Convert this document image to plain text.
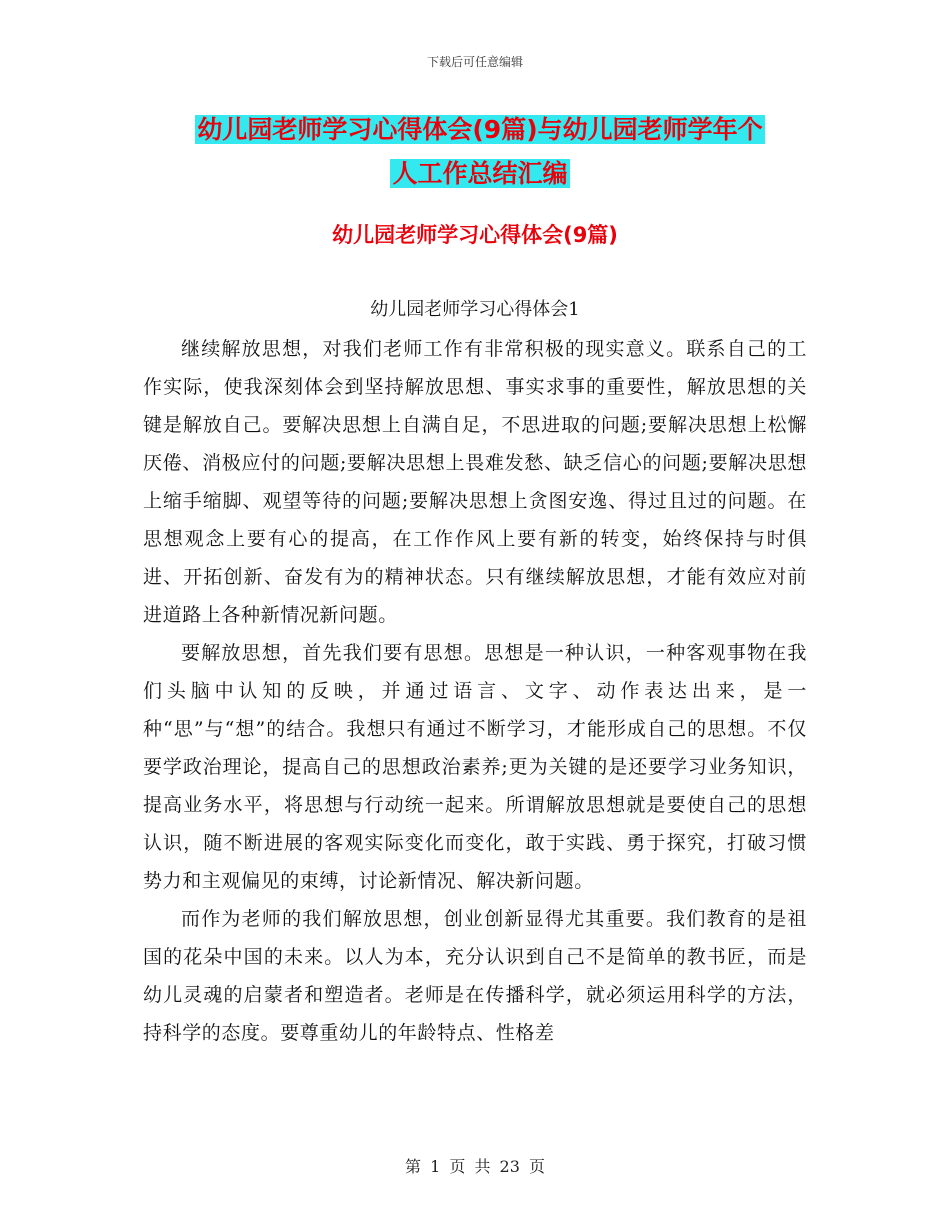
下载后可任意编辑
幼儿园老师学习心得体会(9篇)与幼儿园老师学年个
人工作总结汇编
幼儿园老师学习心得体会(9篇)
幼儿园老师学习心得体会1

继续解放思想，对我们老师工作有非常积极的现实意义。联系自己的工作实际，使我深刻体会到坚持解放思想、事实求事的重要性，解放思想的关键是解放自己。要解决思想上自满自足，不思进取的问题;要解决思想上松懈厌倦、消极应付的问题;要解决思想上畏难发愁、缺乏信心的问题;要解决思想上缩手缩脚、观望等待的问题;要解决思想上贪图安逸、得过且过的问题。在思想观念上要有心的提高，在工作作风上要有新的转变，始终保持与时俱进、开拓创新、奋发有为的精神状态。只有继续解放思想，才能有效应对前进道路上各种新情况新问题。

要解放思想，首先我们要有思想。思想是一种认识，一种客观事物在我们头脑中认知的反映，并通过语言、文字、动作表达出来，是一种“思”与“想”的结合。我想只有通过不断学习，才能形成自己的思想。不仅要学政治理论，提高自己的思想政治素养;更为关键的是还要学习业务知识，提高业务水平，将思想与行动统一起来。所谓解放思想就是要使自己的思想认识，随不断进展的客观实际变化而变化，敢于实践、勇于探究，打破习惯势力和主观偏见的束缚，讨论新情况、解决新问题。

而作为老师的我们解放思想，创业创新显得尤其重要。我们教育的是祖国的花朵中国的未来。以人为本，充分认识到自己不是简单的教书匠，而是幼儿灵魂的启蒙者和塑造者。老师是在传播科学，就必须运用科学的方法，持科学的态度。要尊重幼儿的年龄特点、性格差

第 1 页 共 23 页
